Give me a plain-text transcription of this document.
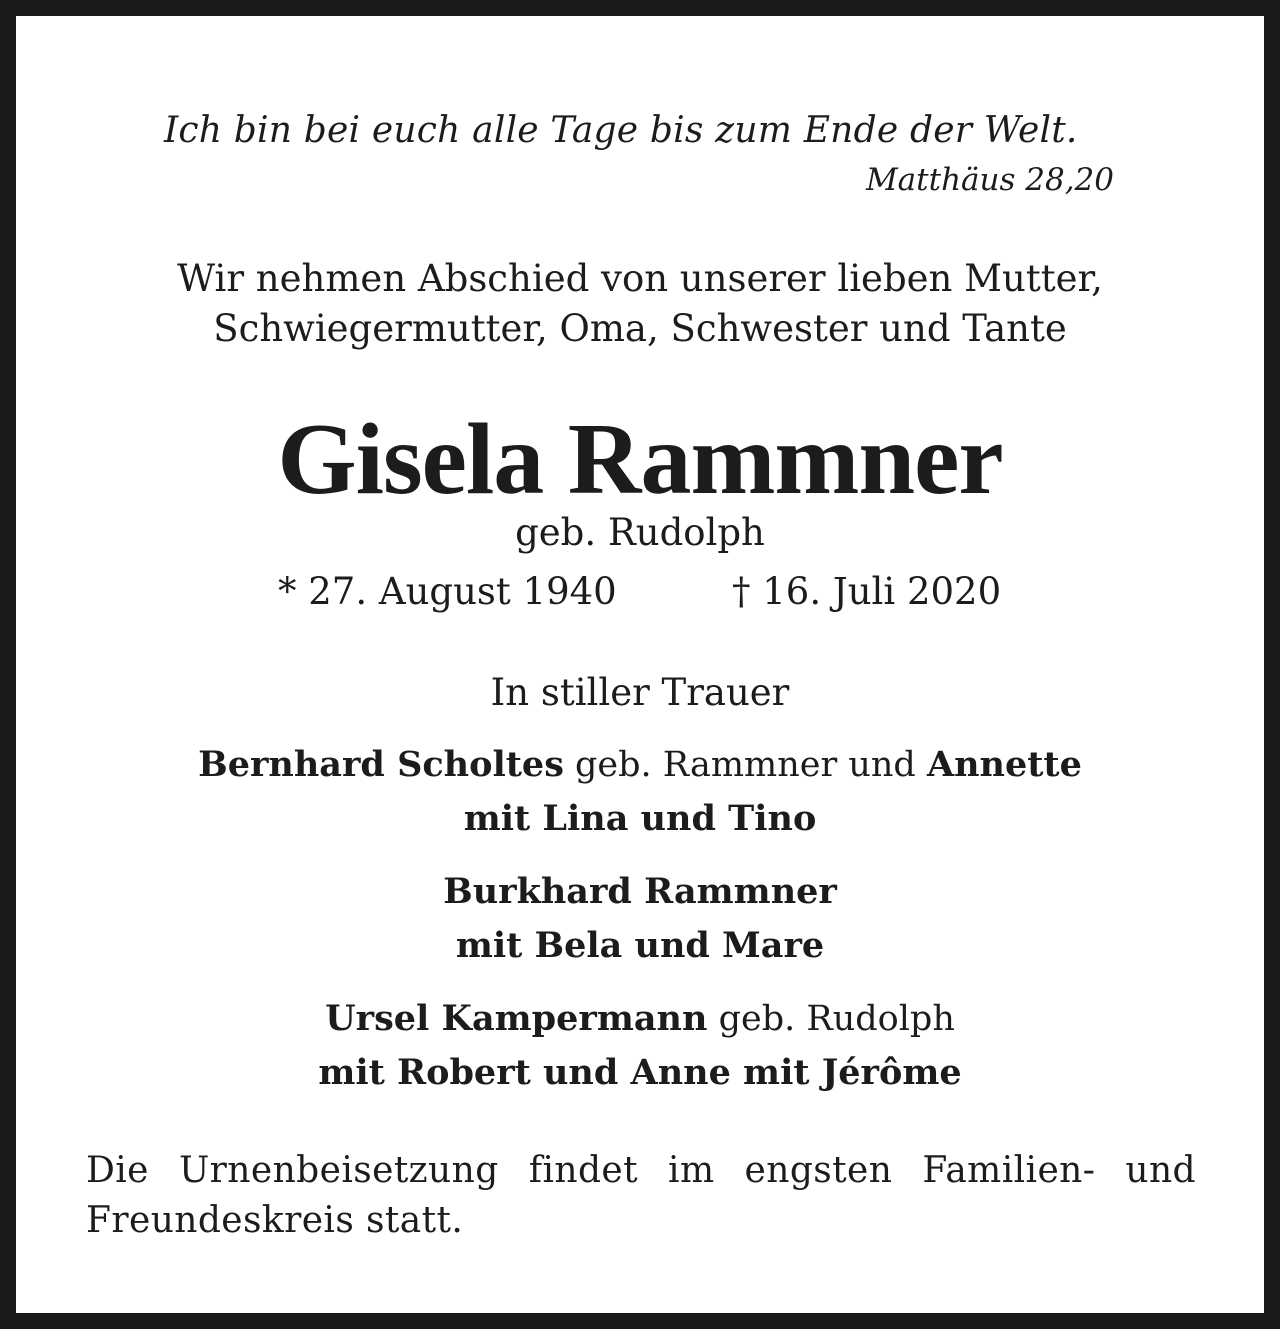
Ich bin bei euch alle Tage bis zum Ende der Welt.
Matthäus 28,20
Wir nehmen Abschied von unserer lieben Mutter,
Schwiegermutter, Oma, Schwester und Tante
Gisela Rammner
geb. Rudolph
* 27. August 1940	† 16. Juli 2020
In stiller Trauer
Bernhard Scholtes geb. Rammner und Annette
mit Lina und Tino
Burkhard Rammner
mit Bela und Mare
Ursel Kampermann geb. Rudolph
mit Robert und Anne mit Jérôme
Die Urnenbeisetzung findet im engsten Familien- und
Freundeskreis statt.
